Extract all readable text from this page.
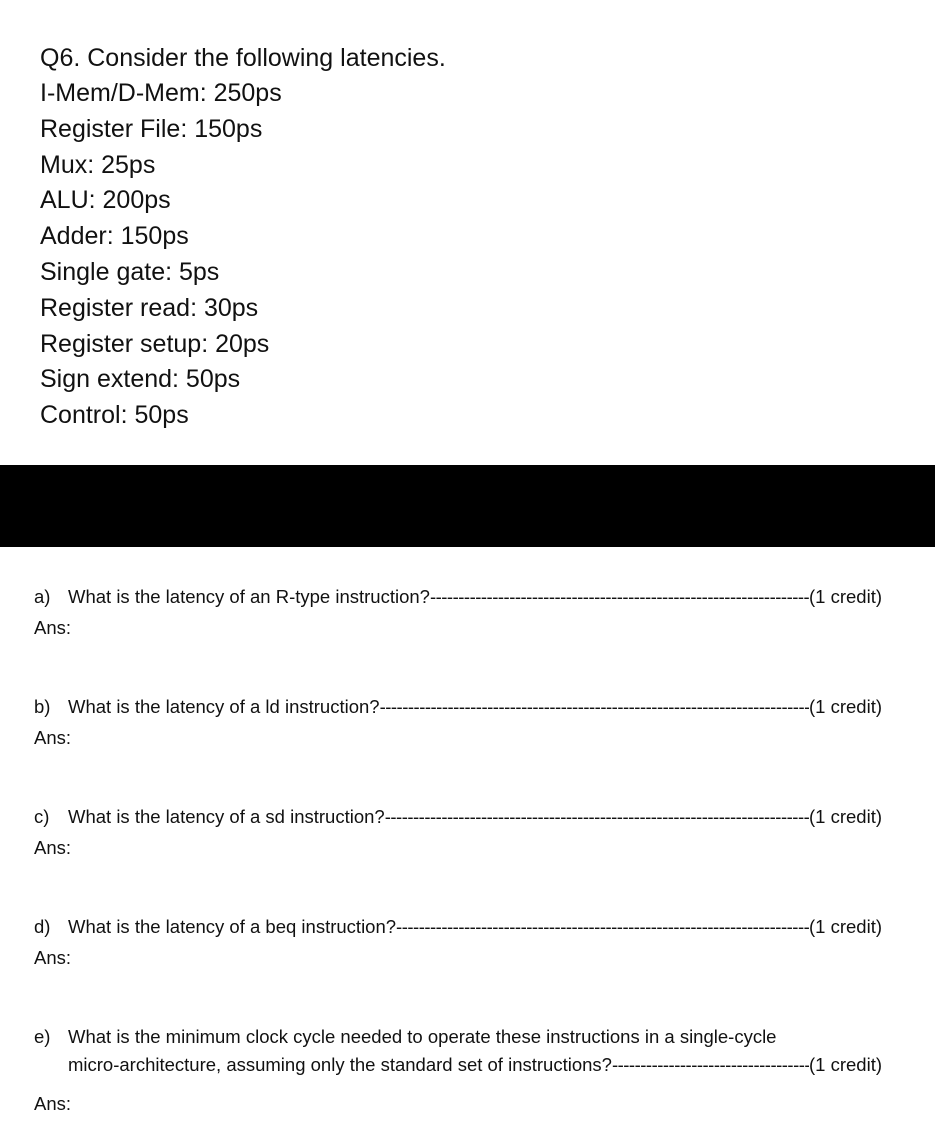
Q6. Consider the following latencies.
I-Mem/D-Mem: 250ps
Register File: 150ps
Mux: 25ps
ALU: 200ps
Adder: 150ps
Single gate: 5ps
Register read: 30ps
Register setup: 20ps
Sign extend: 50ps
Control: 50ps
a) What is the latency of an R-type instruction? -----	(1 credit)
Ans:
b) What is the latency of a ld instruction? -----	(1 credit)
Ans:
c)	What is the latency of a sd instruction? -----	(1 credit)
Ans:
d) What is the latency of a beq instruction? -----	(1 credit)
Ans:
e) What is the minimum clock cycle needed to operate these instructions in a single-cycle
micro-architecture, assuming only the standard set of instructions? -----	(1 credit)
Ans:
